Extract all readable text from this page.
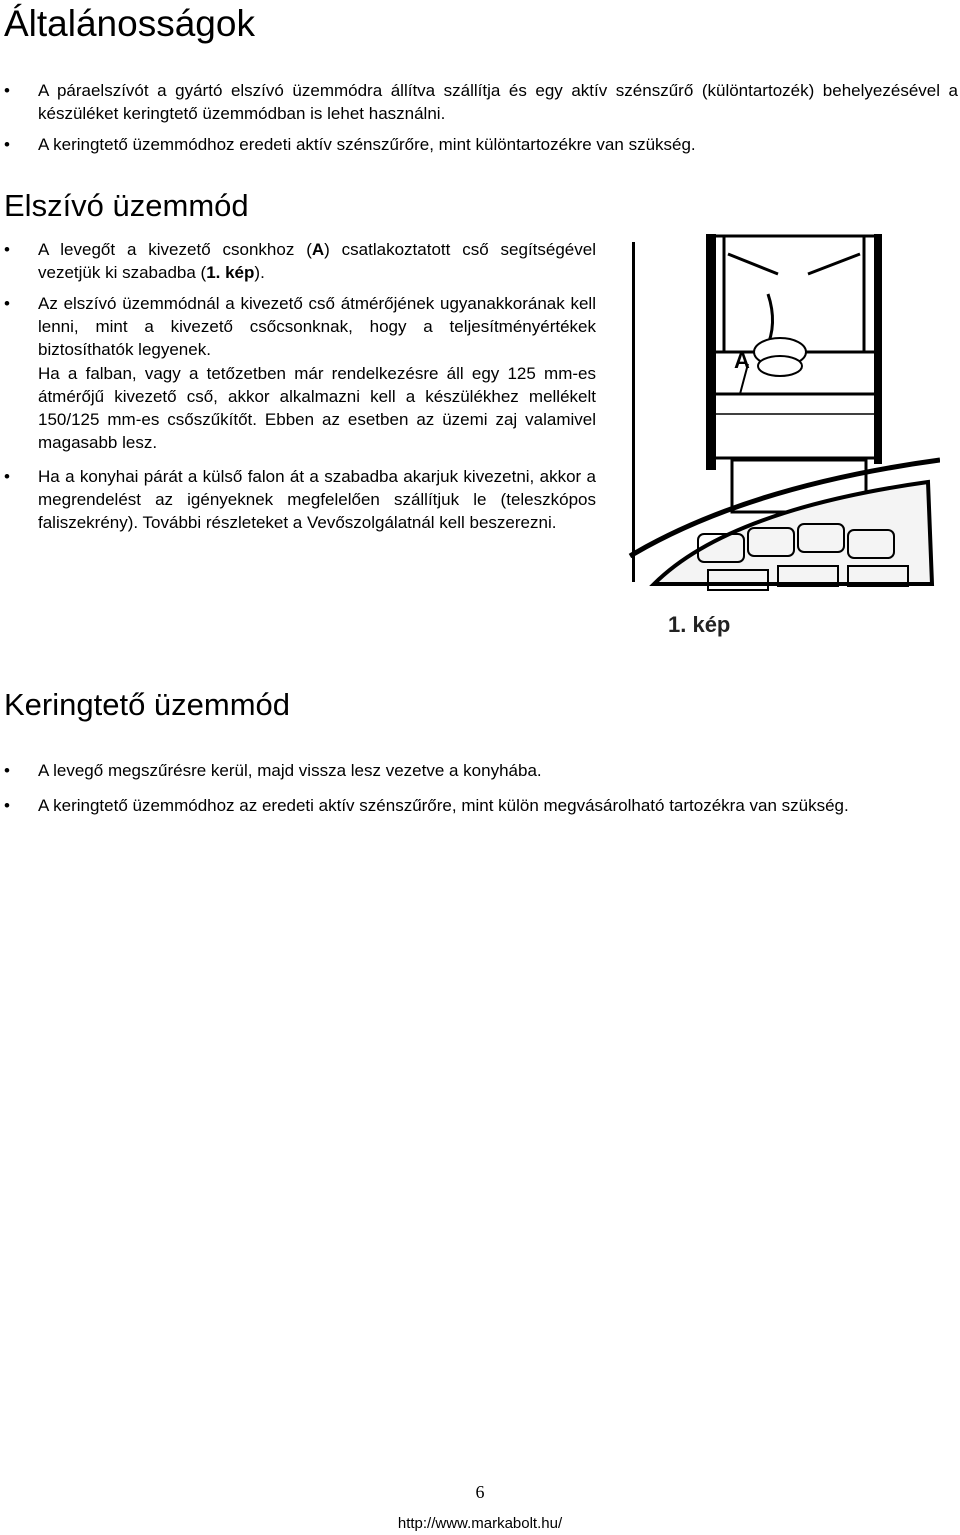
Általánosságok
•	A páraelszívót a gyártó elszívó üzemmódra állítva szállítja és egy aktív szénszűrő (különtartozék) behelyezésével a készüléket keringtető üzemmódban is lehet használni.

•	A keringtető üzemmódhoz eredeti aktív szénszűrőre, mint különtartozékre van szükség.

Elszívó üzemmód
•	A levegőt a kivezető csonkhoz (A) csatlakoztatott cső segítségével vezetjük ki szabadba (1. kép).

•	Az elszívó üzemmódnál a kivezető cső átmérőjének ugyanakkorának kell lenni, mint a kivezető csőcsonknak, hogy a teljesítményértékek biztosíthatók legyenek.
Ha a falban, vagy a tetőzetben már rendelkezésre áll egy 125 mm-es átmérőjű kivezető cső, akkor alkalmazni kell a készülékhez mellékelt 150/125 mm-es csőszűkítőt. Ebben az esetben az üzemi zaj valamivel magasabb lesz.

•	Ha a konyhai párát a külső falon át a szabadba akarjuk kivezetni, akkor a megrendelést az igényeknek megfelelően szállítjuk le (teleszkópos faliszekrény). További részleteket a Vevőszolgálatnál kell beszerezni.

A
1. kép
Keringtető üzemmód
•	A levegő megszűrésre kerül, majd vissza lesz vezetve a konyhába.

•	A keringtető üzemmódhoz az eredeti aktív szénszűrőre, mint külön megvásárolható tartozékra van szükség.

6
http://www.markabolt.hu/
